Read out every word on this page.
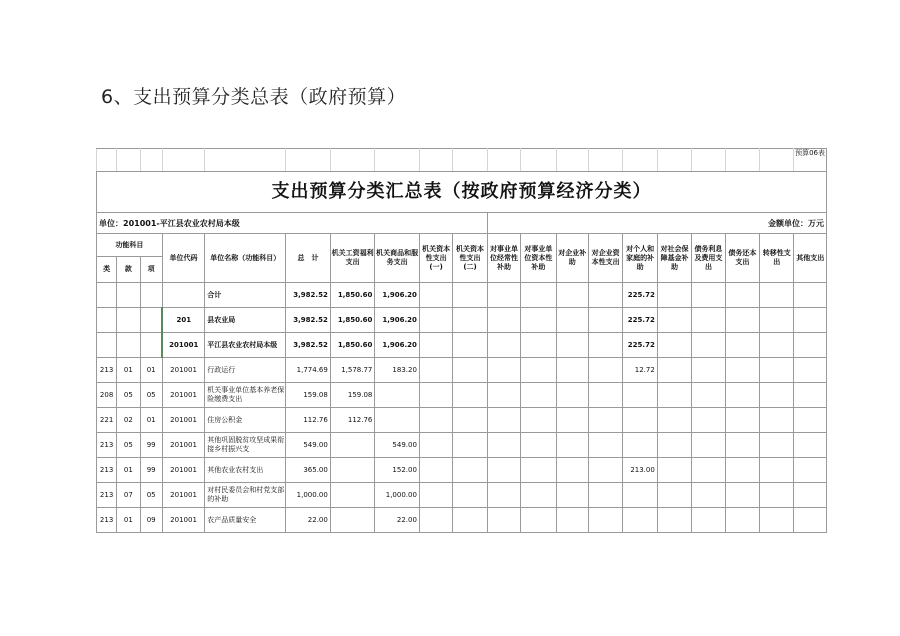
6、支出预算分类总表（政府预算）
																			预算06表
支出预算分类汇总表（按政府预算经济分类）																			
单位：201001-平江县农业农村局本级										金额单位：万元									
功能科目			单位代码	单位名称（功能科目）	总　计	机关工资福利支出	机关商品和服务支出	机关资本性支出(一)	机关资本性支出(二)	对事业单位经常性补助	对事业单位资本性补助	对企业补助	对企业资本性支出	对个人和家庭的补助	对社会保障基金补助	债务利息及费用支出	债务还本支出	转移性支出	其他支出
类	款	项																	
				合计	3,982.52	1,850.60	1,906.20							225.72					
			201	县农业局	3,982.52	1,850.60	1,906.20							225.72					
			201001	平江县农业农村局本级	3,982.52	1,850.60	1,906.20							225.72					
213	01	01	201001	行政运行	1,774.69	1,578.77	183.20							12.72					
208	05	05	201001	机关事业单位基本养老保险缴费支出	159.08	159.08													
221	02	01	201001	住房公积金	112.76	112.76													
213	05	99	201001	其他巩固脱贫攻坚成果衔接乡村振兴支	549.00		549.00												
213	01	99	201001	其他农业农村支出	365.00		152.00							213.00					
213	07	05	201001	对村民委员会和村党支部的补助	1,000.00		1,000.00												
213	01	09	201001	农产品质量安全	22.00		22.00												
